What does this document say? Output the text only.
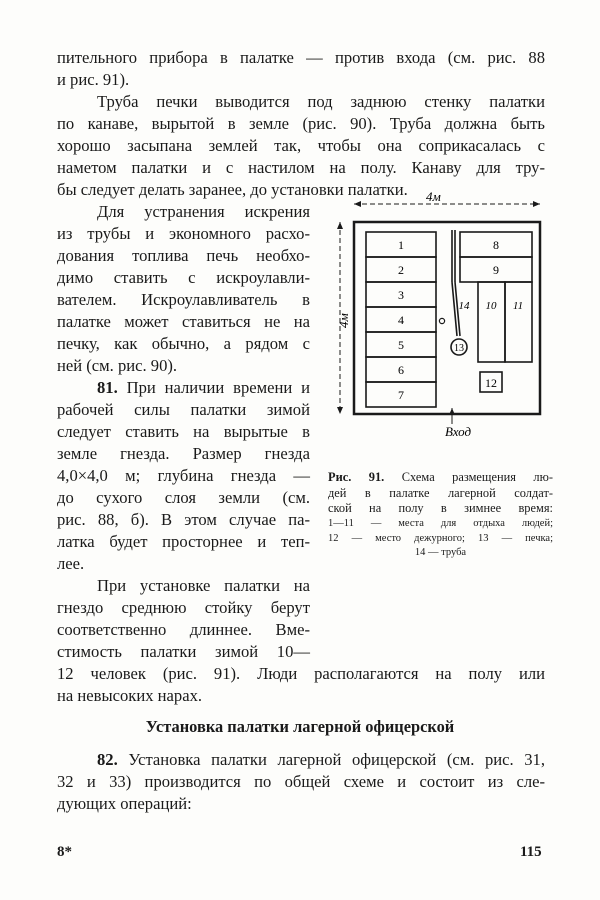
пительного прибора в палатке — против входа (см. рис. 88

и рис. 91).

Труба печки выводится под заднюю стенку палатки

по канаве, вырытой в земле (рис. 90). Труба должна быть

хорошо засыпана землей так, чтобы она соприкасалась с

наметом палатки и с настилом на полу. Канаву для тру-

бы следует делать заранее, до установки палатки.

Для устранения искрения

из трубы и экономного расхо-

дования топлива печь необхо-

димо ставить с искроулавли-

вателем. Искроулавливатель в

палатке может ставиться не на

печку, как обычно, а рядом с

ней (см. рис. 90).

81. При наличии времени и

рабочей силы палатки зимой

следует ставить на вырытые в

земле гнезда. Размер гнезда

4,0×4,0 м; глубина гнезда —

до сухого слоя земли (см.

рис. 88, б). В этом случае па-

латка будет просторнее и теп-

лее.

При установке палатки на

гнездо среднюю стойку берут

соответственно длиннее. Вме-

стимость палатки зимой 10—

12 человек (рис. 91). Люди располагаются на полу или

на невысоких нарах.

Установка палатки лагерной офицерской

82. Установка палатки лагерной офицерской (см. рис. 31,

32 и 33) производится по общей схеме и состоит из сле-

дующих операций:

4м
4м
1
2
3
4
5
6
7
8
9
10 11
12
14
13
Вход
Рис. 91. Схема размещения лю-
дей в палатке лагерной солдат-
ской на полу в зимнее время:
1—11 — места для отдыха людей;
12 — место дежурного; 13 — печка;
14 — труба
8*	115
